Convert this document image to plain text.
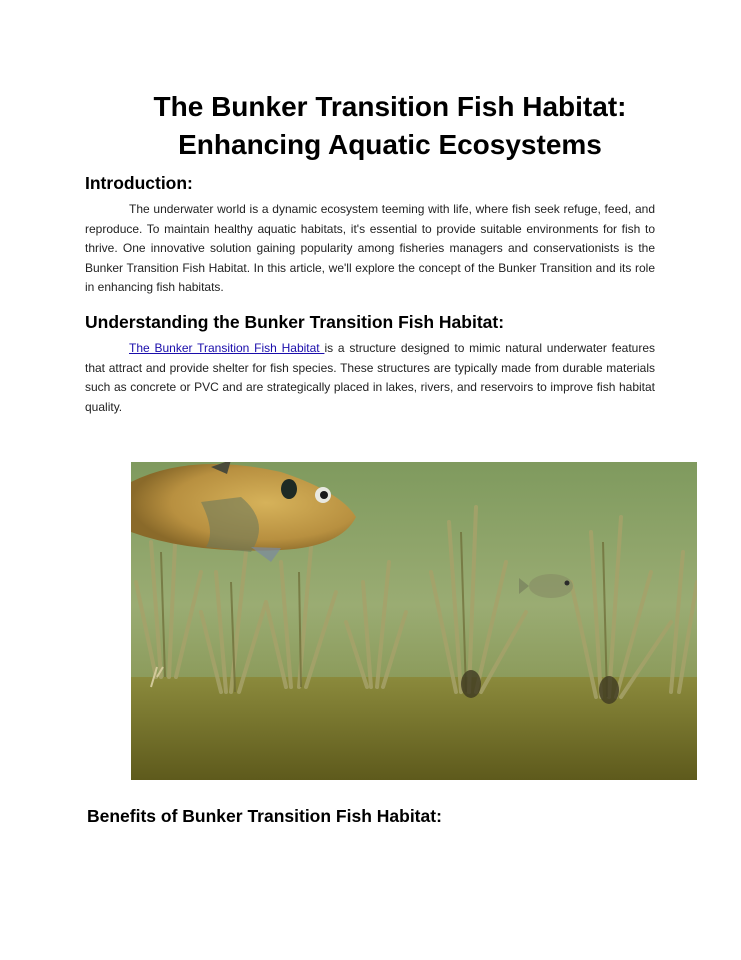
The Bunker Transition Fish Habitat:
Enhancing Aquatic Ecosystems
Introduction:

The underwater world is a dynamic ecosystem teeming with life, where fish seek refuge, feed, and reproduce. To maintain healthy aquatic habitats, it's essential to provide suitable environments for fish to thrive. One innovative solution gaining popularity among fisheries managers and conservationists is the Bunker Transition Fish Habitat. In this article, we'll explore the concept of the Bunker Transition and its role in enhancing fish habitats.

Understanding the Bunker Transition Fish Habitat:

The Bunker Transition Fish Habitat is a structure designed to mimic natural underwater features that attract and provide shelter for fish species. These structures are typically made from durable materials such as concrete or PVC and are strategically placed in lakes, rivers, and reservoirs to improve fish habitat quality.

Benefits of Bunker Transition Fish Habitat:
